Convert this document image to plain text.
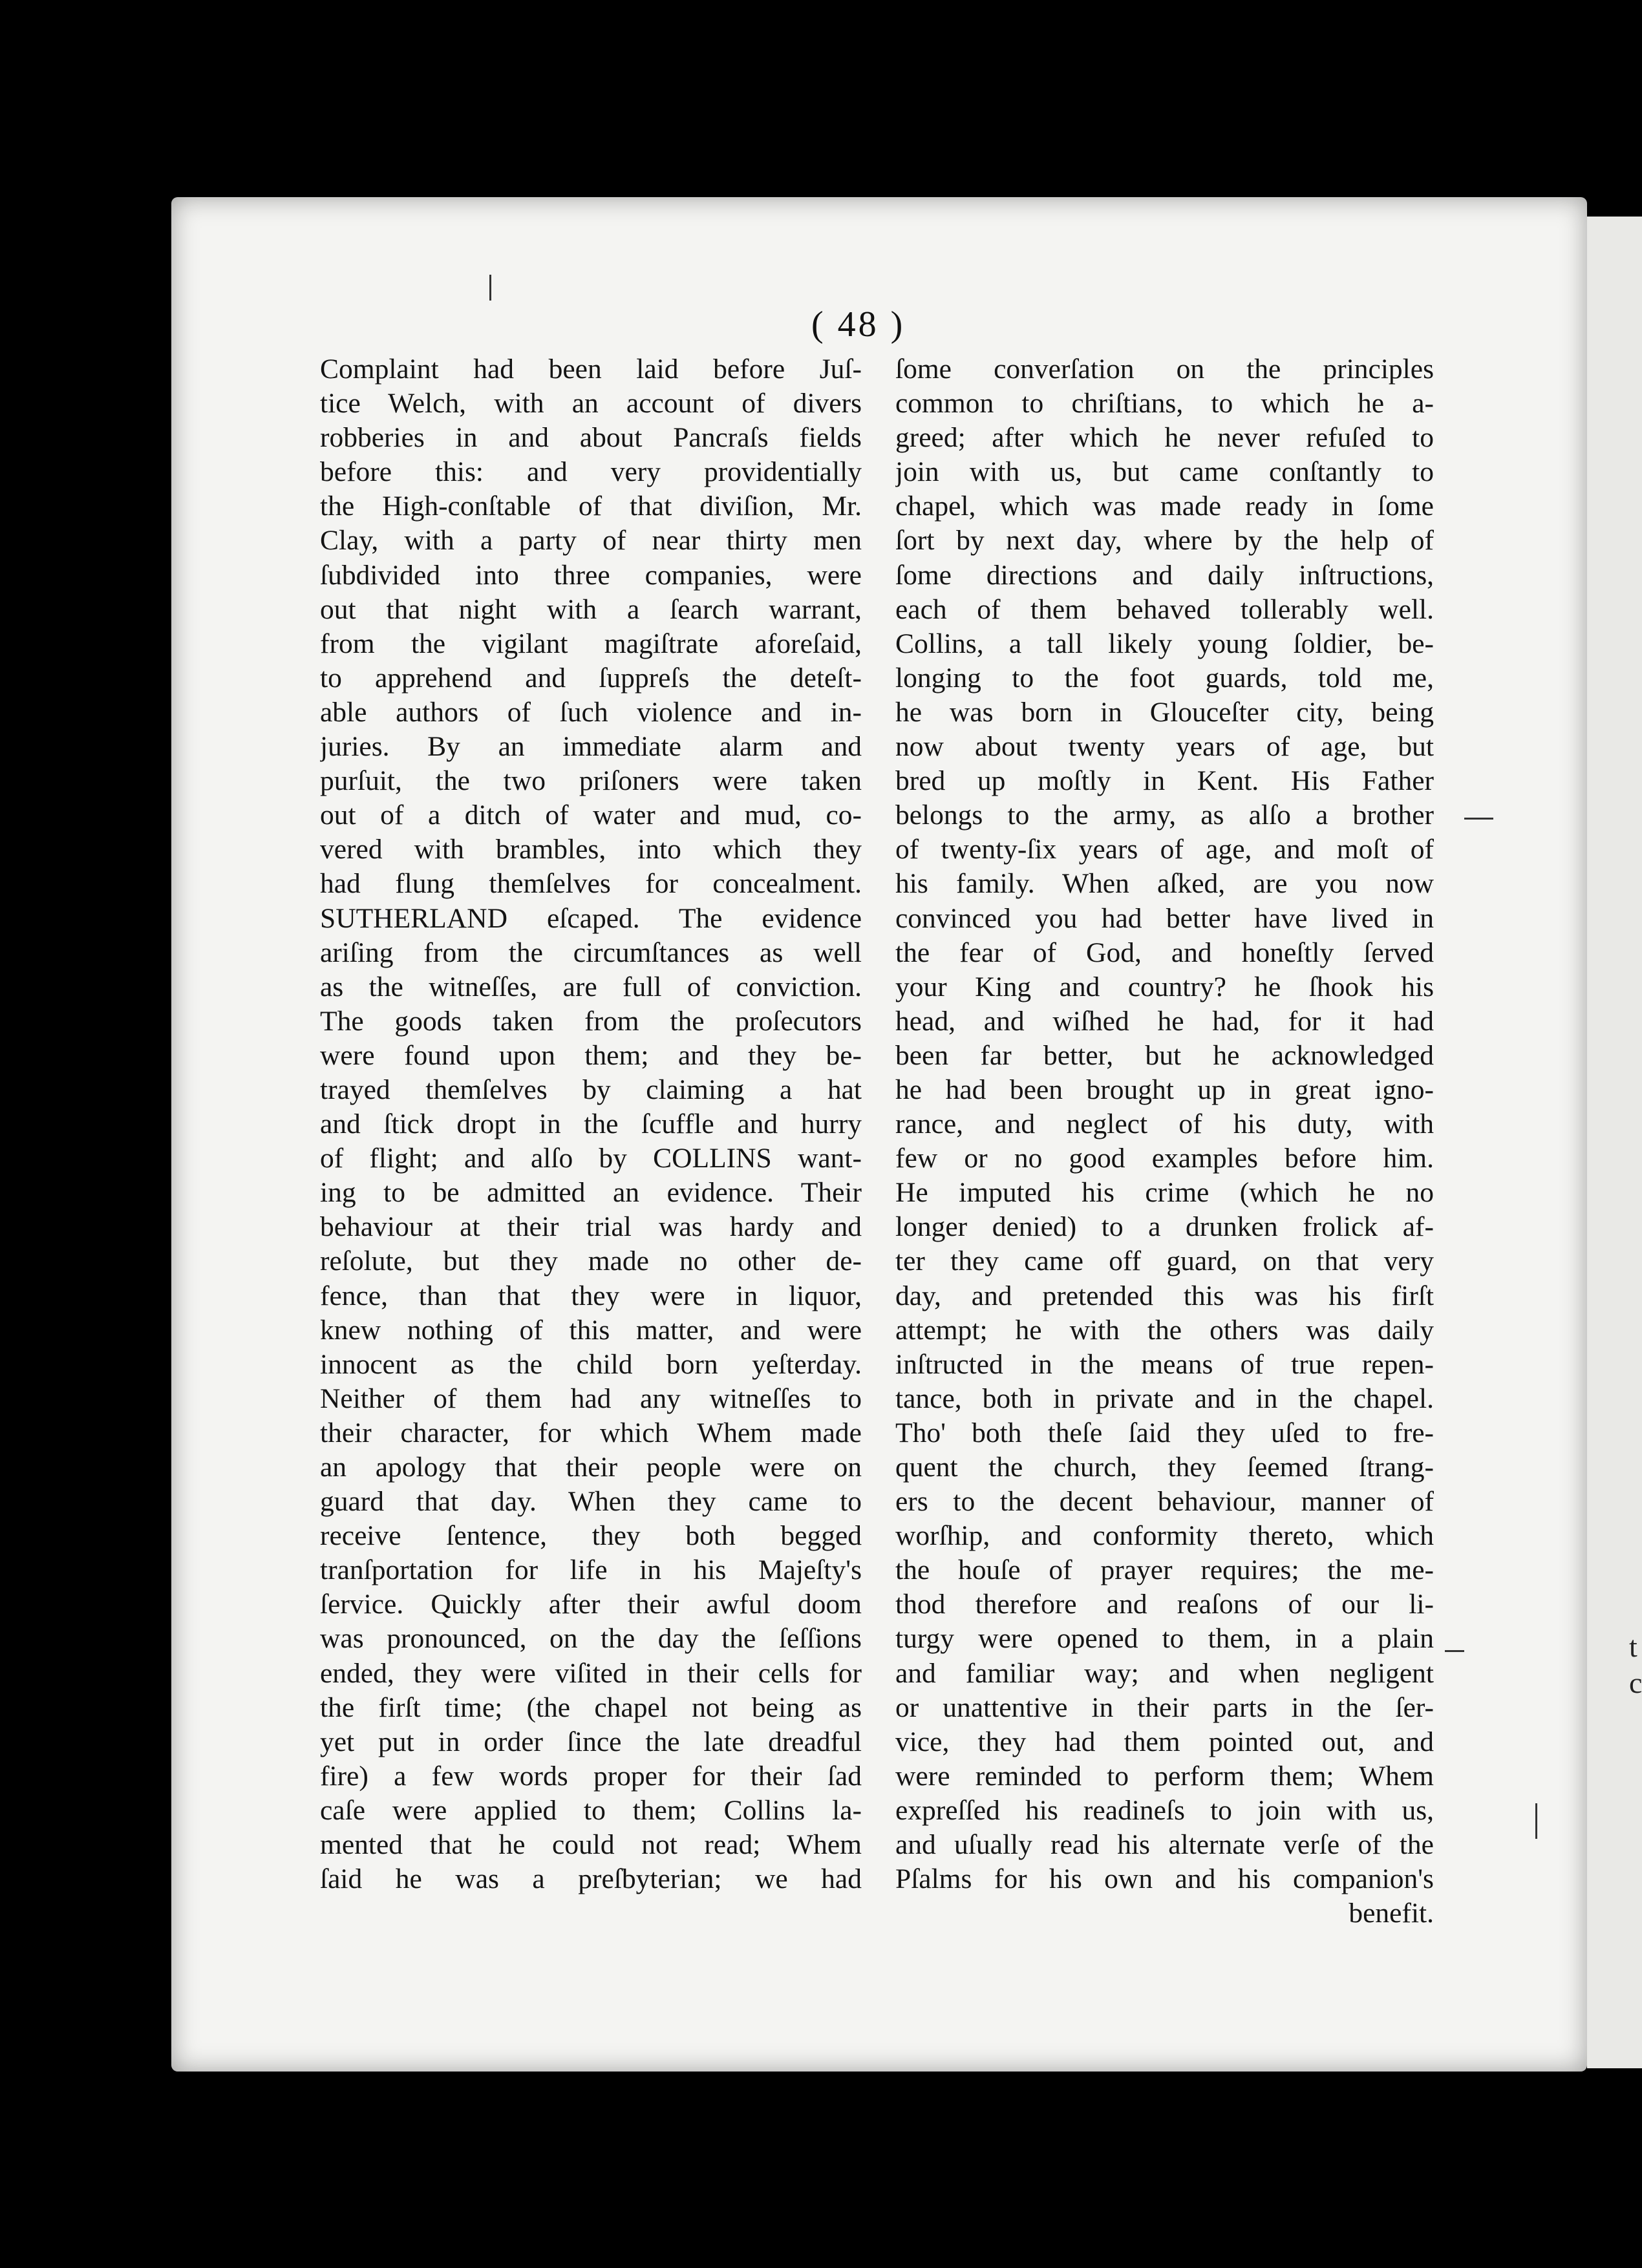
t
c
( 48 )
Complaint had been laid before Juſ-
tice Welch, with an account of divers
robberies in and about Pancraſs fields
before this: and very providentially
the High-conſtable of that diviſion, Mr.
Clay, with a party of near thirty men
ſubdivided into three companies, were
out that night with a ſearch warrant,
from the vigilant magiſtrate aforeſaid,
to apprehend and ſuppreſs the deteſt-
able authors of ſuch violence and in-
juries. By an immediate alarm and
purſuit, the two priſoners were taken
out of a ditch of water and mud, co-
vered with brambles, into which they
had flung themſelves for concealment.
SUTHERLAND eſcaped. The evidence
ariſing from the circumſtances as well
as the witneſſes, are full of conviction.
The goods taken from the proſecutors
were found upon them; and they be-
trayed themſelves by claiming a hat
and ſtick dropt in the ſcuffle and hurry
of flight; and alſo by COLLINS want-
ing to be admitted an evidence. Their
behaviour at their trial was hardy and
reſolute, but they made no other de-
fence, than that they were in liquor,
knew nothing of this matter, and were
innocent as the child born yeſterday.
Neither of them had any witneſſes to
their character, for which Whem made
an apology that their people were on
guard that day. When they came to
receive ſentence, they both begged
tranſportation for life in his Majeſty's
ſervice. Quickly after their awful doom
was pronounced, on the day the ſeſſions
ended, they were viſited in their cells for
the firſt time; (the chapel not being as
yet put in order ſince the late dreadful
fire) a few words proper for their ſad
caſe were applied to them; Collins la-
mented that he could not read; Whem
ſaid he was a preſbyterian; we had
ſome converſation on the principles
common to chriſtians, to which he a-
greed; after which he never refuſed to
join with us, but came conſtantly to
chapel, which was made ready in ſome
ſort by next day, where by the help of
ſome directions and daily inſtructions,
each of them behaved tollerably well.
Collins, a tall likely young ſoldier, be-
longing to the foot guards, told me,
he was born in Glouceſter city, being
now about twenty years of age, but
bred up moſtly in Kent. His Father
belongs to the army, as alſo a brother
of twenty-ſix years of age, and moſt of
his family. When aſked, are you now
convinced you had better have lived in
the fear of God, and honeſtly ſerved
your King and country? he ſhook his
head, and wiſhed he had, for it had
been far better, but he acknowledged
he had been brought up in great igno-
rance, and neglect of his duty, with
few or no good examples before him.
He imputed his crime (which he no
longer denied) to a drunken frolick af-
ter they came off guard, on that very
day, and pretended this was his firſt
attempt; he with the others was daily
inſtructed in the means of true repen-
tance, both in private and in the chapel.
Tho' both theſe ſaid they uſed to fre-
quent the church, they ſeemed ſtrang-
ers to the decent behaviour, manner of
worſhip, and conformity thereto, which
the houſe of prayer requires; the me-
thod therefore and reaſons of our li-
turgy were opened to them, in a plain
and familiar way; and when negligent
or unattentive in their parts in the ſer-
vice, they had them pointed out, and
were reminded to perform them; Whem
expreſſed his readineſs to join with us,
and uſually read his alternate verſe of the
Pſalms for his own and his companion's
benefit.
